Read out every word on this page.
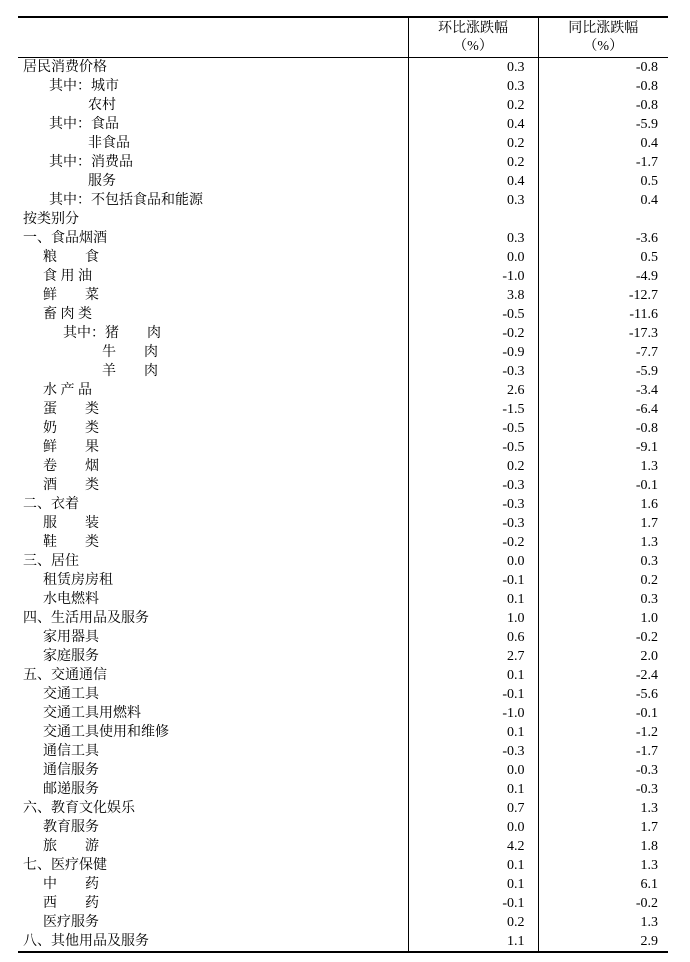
环比涨跌幅
（%）

同比涨跌幅
（%）

居民消费价格	0.3	-0.8
其中：城市	0.3	-0.8
农村	0.2	-0.8
其中：食品	0.4	-5.9
非食品	0.2	0.4
其中：消费品	0.2	-1.7
服务	0.4	0.5
其中：不包括食品和能源	0.3	0.4
按类别分		
一、食品烟酒	0.3	-3.6
粮　　食	0.0	0.5
食 用 油	-1.0	-4.9
鲜　　菜	3.8	-12.7
畜 肉 类	-0.5	-11.6
其中：猪　　肉	-0.2	-17.3
牛　　肉	-0.9	-7.7
羊　　肉	-0.3	-5.9
水 产 品	2.6	-3.4
蛋　　类	-1.5	-6.4
奶　　类	-0.5	-0.8
鲜　　果	-0.5	-9.1
卷　　烟	0.2	1.3
酒　　类	-0.3	-0.1
二、衣着	-0.3	1.6
服　　装	-0.3	1.7
鞋　　类	-0.2	1.3
三、居住	0.0	0.3
租赁房房租	-0.1	0.2
水电燃料	0.1	0.3
四、生活用品及服务	1.0	1.0
家用器具	0.6	-0.2
家庭服务	2.7	2.0
五、交通通信	0.1	-2.4
交通工具	-0.1	-5.6
交通工具用燃料	-1.0	-0.1
交通工具使用和维修	0.1	-1.2
通信工具	-0.3	-1.7
通信服务	0.0	-0.3
邮递服务	0.1	-0.3
六、教育文化娱乐	0.7	1.3
教育服务	0.0	1.7
旅　　游	4.2	1.8
七、医疗保健	0.1	1.3
中　　药	0.1	6.1
西　　药	-0.1	-0.2
医疗服务	0.2	1.3
八、其他用品及服务	1.1	2.9
